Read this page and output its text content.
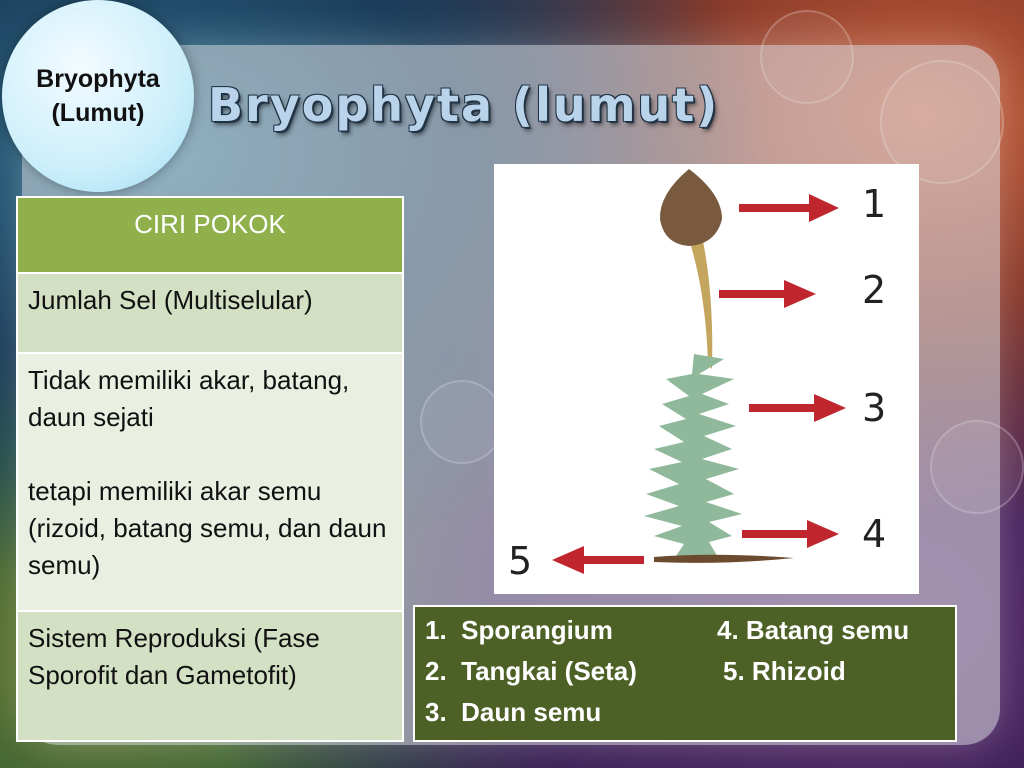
Bryophyta
(Lumut)	Bryophyta (lumut)
CIRI POKOK
Jumlah Sel (Multiselular)

Tidak memiliki akar, batang, daun sejati
tetapi memiliki akar semu (rizoid, batang semu, dan daun semu)

Sistem Reproduksi (Fase Sporofit dan Gametofit)
1
2
3
4
5
1. Sporangium
2. Tangkai (Seta)
3. Daun semu
4. Batang semu
5. Rhizoid
